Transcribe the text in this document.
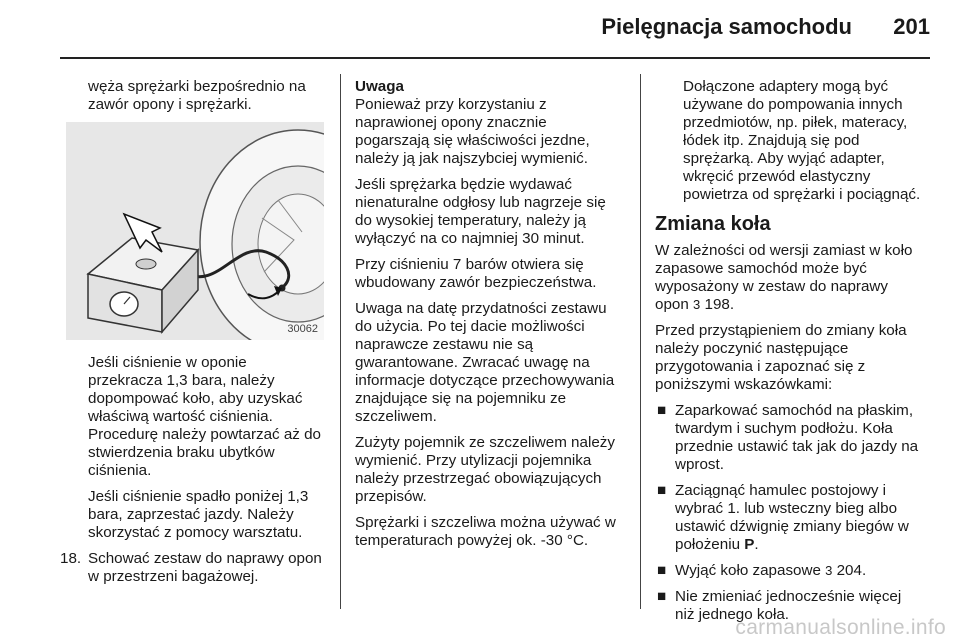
Pielęgnacja samochodu 201

węża sprężarki bezpośrednio na zawór opony i sprężarki.

30062

Jeśli ciśnienie w oponie przekracza 1,3 bara, należy dopompować koło, aby uzyskać właściwą wartość ciśnienia. Procedurę należy powtarzać aż do stwierdzenia braku ubytków ciśnienia.

Jeśli ciśnienie spadło poniżej 1,3 bara, zaprzestać jazdy. Należy skorzystać z pomocy warsztatu.

18. Schować zestaw do naprawy opon w przestrzeni bagażowej.
Uwaga

Ponieważ przy korzystaniu z naprawionej opony znacznie pogarszają się właściwości jezdne, należy ją jak najszybciej wymienić.

Jeśli sprężarka będzie wydawać nienaturalne odgłosy lub nagrzeje się do wysokiej temperatury, należy ją wyłączyć na co najmniej 30 minut.

Przy ciśnieniu 7 barów otwiera się wbudowany zawór bezpieczeństwa.

Uwaga na datę przydatności zestawu do użycia. Po tej dacie możliwości naprawcze zestawu nie są gwarantowane. Zwracać uwagę na informacje dotyczące przechowywania znajdujące się na pojemniku ze szczeliwem.

Zużyty pojemnik ze szczeliwem należy wymienić. Przy utylizacji pojemnika należy przestrzegać obowiązujących przepisów.

Sprężarki i szczeliwa można używać w temperaturach powyżej ok. -30 °C.

Dołączone adaptery mogą być używane do pompowania innych przedmiotów, np. piłek, materacy, łódek itp. Znajdują się pod sprężarką. Aby wyjąć adapter, wkręcić przewód elastyczny powietrza od sprężarki i pociągnąć.

Zmiana koła

W zależności od wersji zamiast w koło zapasowe samochód może być wyposażony w zestaw do naprawy opon 3 198.

Przed przystąpieniem do zmiany koła należy poczynić następujące przygotowania i zapoznać się z poniższymi wskazówkami:

■ Zaparkować samochód na płaskim, twardym i suchym podłożu. Koła przednie ustawić tak jak do jazdy na wprost.
■ Zaciągnąć hamulec postojowy i wybrać 1. lub wsteczny bieg albo ustawić dźwignię zmiany biegów w położeniu P.
■ Wyjąć koło zapasowe 3 204.
■ Nie zmieniać jednocześnie więcej niż jednego koła.
carmanualsonline.info
